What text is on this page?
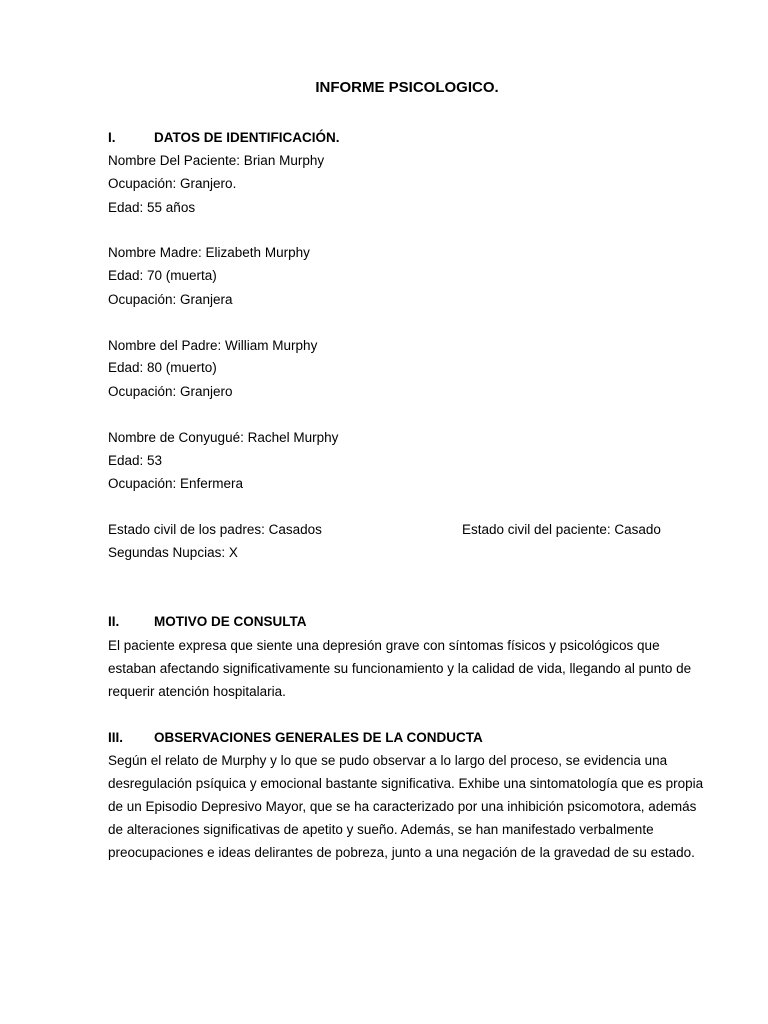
INFORME PSICOLOGICO.
I.	DATOS DE IDENTIFICACIÓN.
Nombre Del Paciente: Brian Murphy
Ocupación: Granjero.
Edad: 55 años
Nombre Madre: Elizabeth Murphy
Edad: 70 (muerta)
Ocupación: Granjera
Nombre del Padre: William Murphy
Edad: 80 (muerto)
Ocupación: Granjero
Nombre de Conyugué: Rachel Murphy
Edad: 53
Ocupación: Enfermera
Estado civil de los padres: Casados	Estado civil del paciente: Casado
Segundas Nupcias: X
II.	MOTIVO DE CONSULTA
El paciente expresa que siente una depresión grave con síntomas físicos y psicológicos que estaban afectando significativamente su funcionamiento y la calidad de vida, llegando al punto de requerir atención hospitalaria.
III. OBSERVACIONES GENERALES DE LA CONDUCTA
Según el relato de Murphy y lo que se pudo observar a lo largo del proceso, se evidencia una desregulación psíquica y emocional bastante significativa. Exhibe una sintomatología que es propia de un Episodio Depresivo Mayor, que se ha caracterizado por una inhibición psicomotora, además de alteraciones significativas de apetito y sueño. Además, se han manifestado verbalmente preocupaciones e ideas delirantes de pobreza, junto a una negación de la gravedad de su estado.
